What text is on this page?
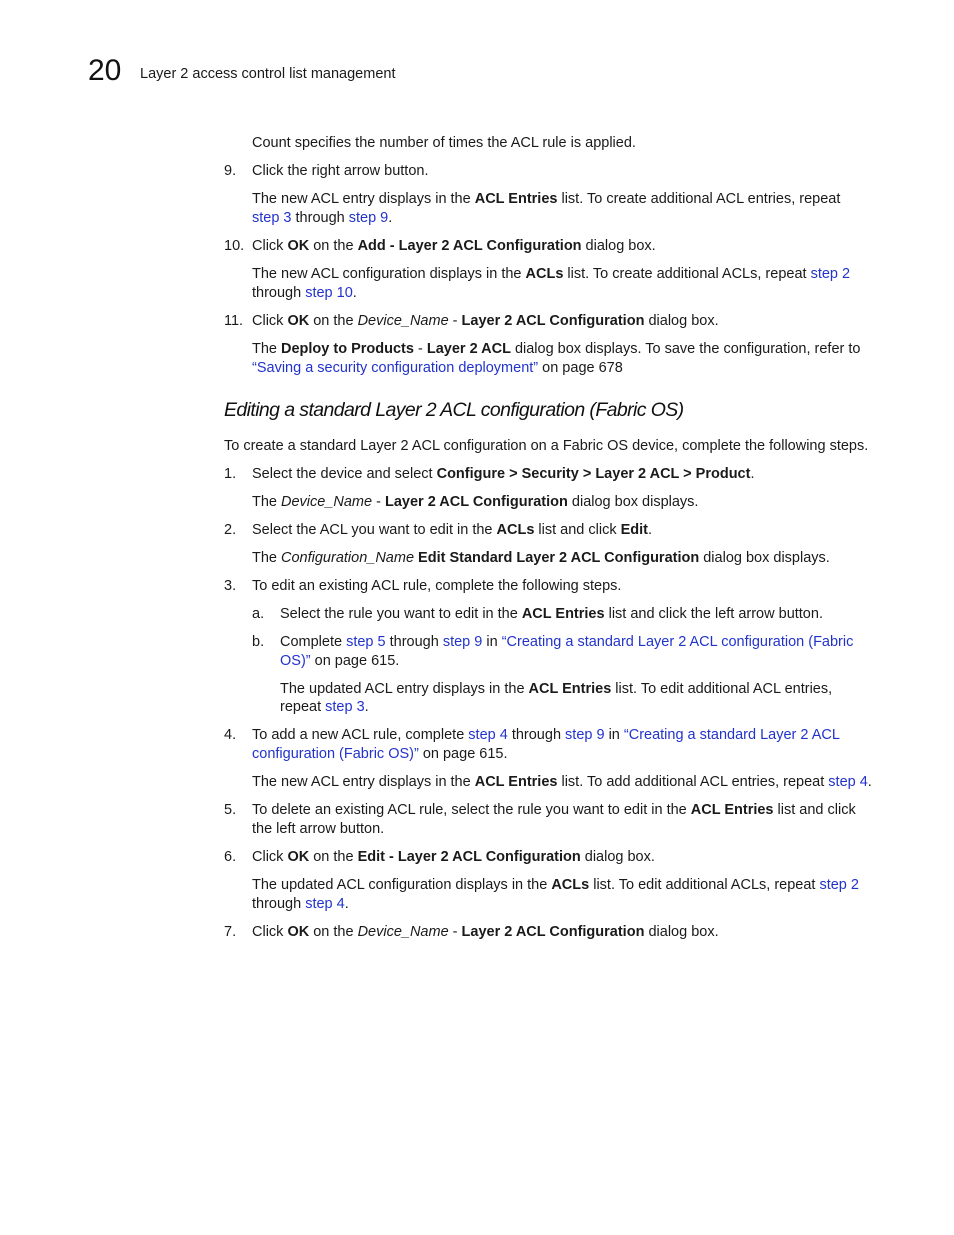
20 Layer 2 access control list management
Count specifies the number of times the ACL rule is applied.
9. Click the right arrow button.
The new ACL entry displays in the ACL Entries list. To create additional ACL entries, repeat
step 3 through step 9.
10. Click OK on the Add - Layer 2 ACL Configuration dialog box.
The new ACL configuration displays in the ACLs list. To create additional ACLs, repeat step 2
through step 10.
11. Click OK on the Device_Name - Layer 2 ACL Configuration dialog box.
The Deploy to Products - Layer 2 ACL dialog box displays. To save the configuration, refer to
“Saving a security configuration deployment” on page 678
Editing a standard Layer 2 ACL configuration (Fabric OS)
To create a standard Layer 2 ACL configuration on a Fabric OS device, complete the following steps.
1. Select the device and select Configure > Security > Layer 2 ACL > Product.
The Device_Name - Layer 2 ACL Configuration dialog box displays.
2. Select the ACL you want to edit in the ACLs list and click Edit.
The Configuration_Name Edit Standard Layer 2 ACL Configuration dialog box displays.
3. To edit an existing ACL rule, complete the following steps.
a. Select the rule you want to edit in the ACL Entries list and click the left arrow button.
b. Complete step 5 through step 9 in “Creating a standard Layer 2 ACL configuration (Fabric
OS)” on page 615.
The updated ACL entry displays in the ACL Entries list. To edit additional ACL entries,
repeat step 3.
4. To add a new ACL rule, complete step 4 through step 9 in “Creating a standard Layer 2 ACL
configuration (Fabric OS)” on page 615.
The new ACL entry displays in the ACL Entries list. To add additional ACL entries, repeat step 4.
5. To delete an existing ACL rule, select the rule you want to edit in the ACL Entries list and click
the left arrow button.
6. Click OK on the Edit - Layer 2 ACL Configuration dialog box.
The updated ACL configuration displays in the ACLs list. To edit additional ACLs, repeat step 2
through step 4.
7. Click OK on the Device_Name - Layer 2 ACL Configuration dialog box.
